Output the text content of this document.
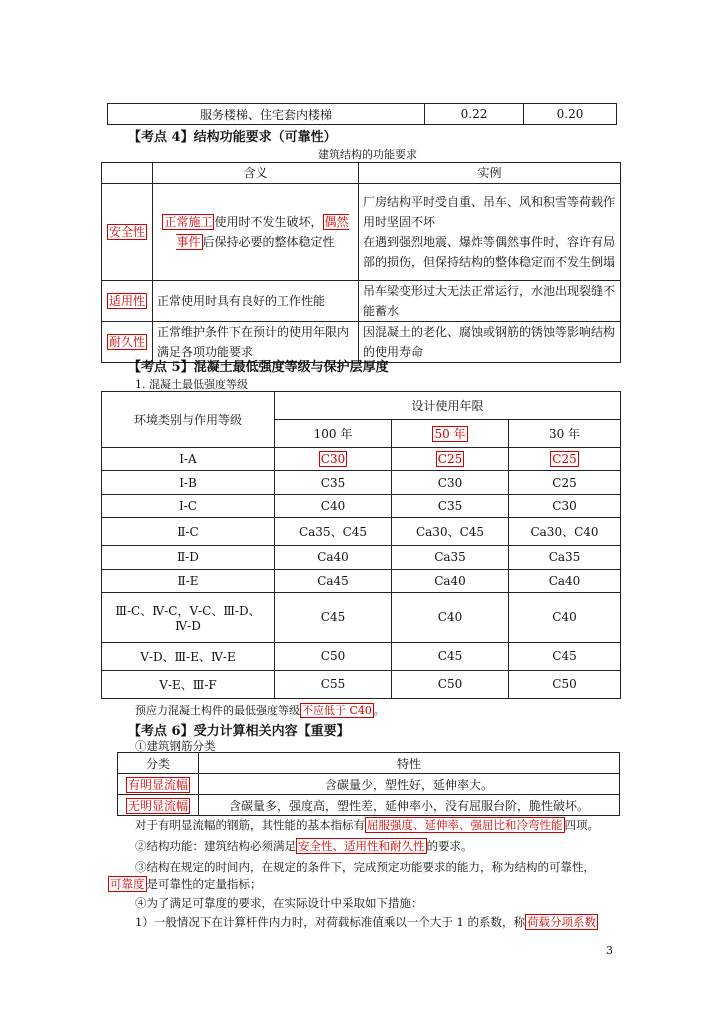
服务楼梯、住宅套内楼梯	0.22	0.20
【考点 4】结构功能要求（可靠性）
建筑结构的功能要求
	含义	实例
安全性	正常施工 使用时不发生破坏， 偶然事件 后保持必要的整体稳定性	厂房结构平时受自重、吊车、风和积雪等荷载作用时坚固不坏
在遇到强烈地震、爆炸等偶然事件时，容许有局部的损伤，但保持结构的整体稳定而不发生倒塌
适用性	正常使用时具有良好的工作性能	吊车梁变形过大无法正常运行，水池出现裂缝不能蓄水
耐久性	正常维护条件下在预计的使用年限内满足各项功能要求	因混凝土的老化、腐蚀或钢筋的锈蚀等影响结构的使用寿命
【考点 5】混凝土最低强度等级与保护层厚度
1. 混凝土最低强度等级
环境类别与作用等级	设计使用年限		
	100 年	50 年	30 年
Ⅰ-A	C30	C25	C25
Ⅰ-B	C35	C30	C25
Ⅰ-C	C40	C35	C30
Ⅱ-C	Ca35、C45	Ca30、C45	Ca30、C40
Ⅱ-D	Ca40	Ca35	Ca35
Ⅱ-E	Ca45	Ca40	Ca40
Ⅲ-C、Ⅳ-C，Ⅴ-C、Ⅲ-D、Ⅳ-D	C45	C40	C40
Ⅴ-D、Ⅲ-E、Ⅳ-E	C50	C45	C45
Ⅴ-E、Ⅲ-F	C55	C50	C50
预应力混凝土构件的最低强度等级 不应低于 C40 。
【考点 6】受力计算相关内容【重要】
①建筑钢筋分类
分类	特性
有明显流幅	含碳量少，塑性好，延伸率大。
无明显流幅	含碳量多，强度高，塑性差，延伸率小，没有屈服台阶，脆性破坏。
对于有明显流幅的钢筋，其性能的基本指标有 屈服强度、延伸率、强屈比和冷弯性能 四项。
②结构功能：建筑结构必须满足 安全性、适用性和耐久性 的要求。
③结构在规定的时间内，在规定的条件下，完成预定功能要求的能力，称为结构的可靠性，
可靠度 是可靠性的定量指标；
④为了满足可靠度的要求，在实际设计中采取如下措施：
1）一般情况下在计算杆件内力时，对荷载标准值乘以一个大于 1 的系数，称 荷载分项系数
3
